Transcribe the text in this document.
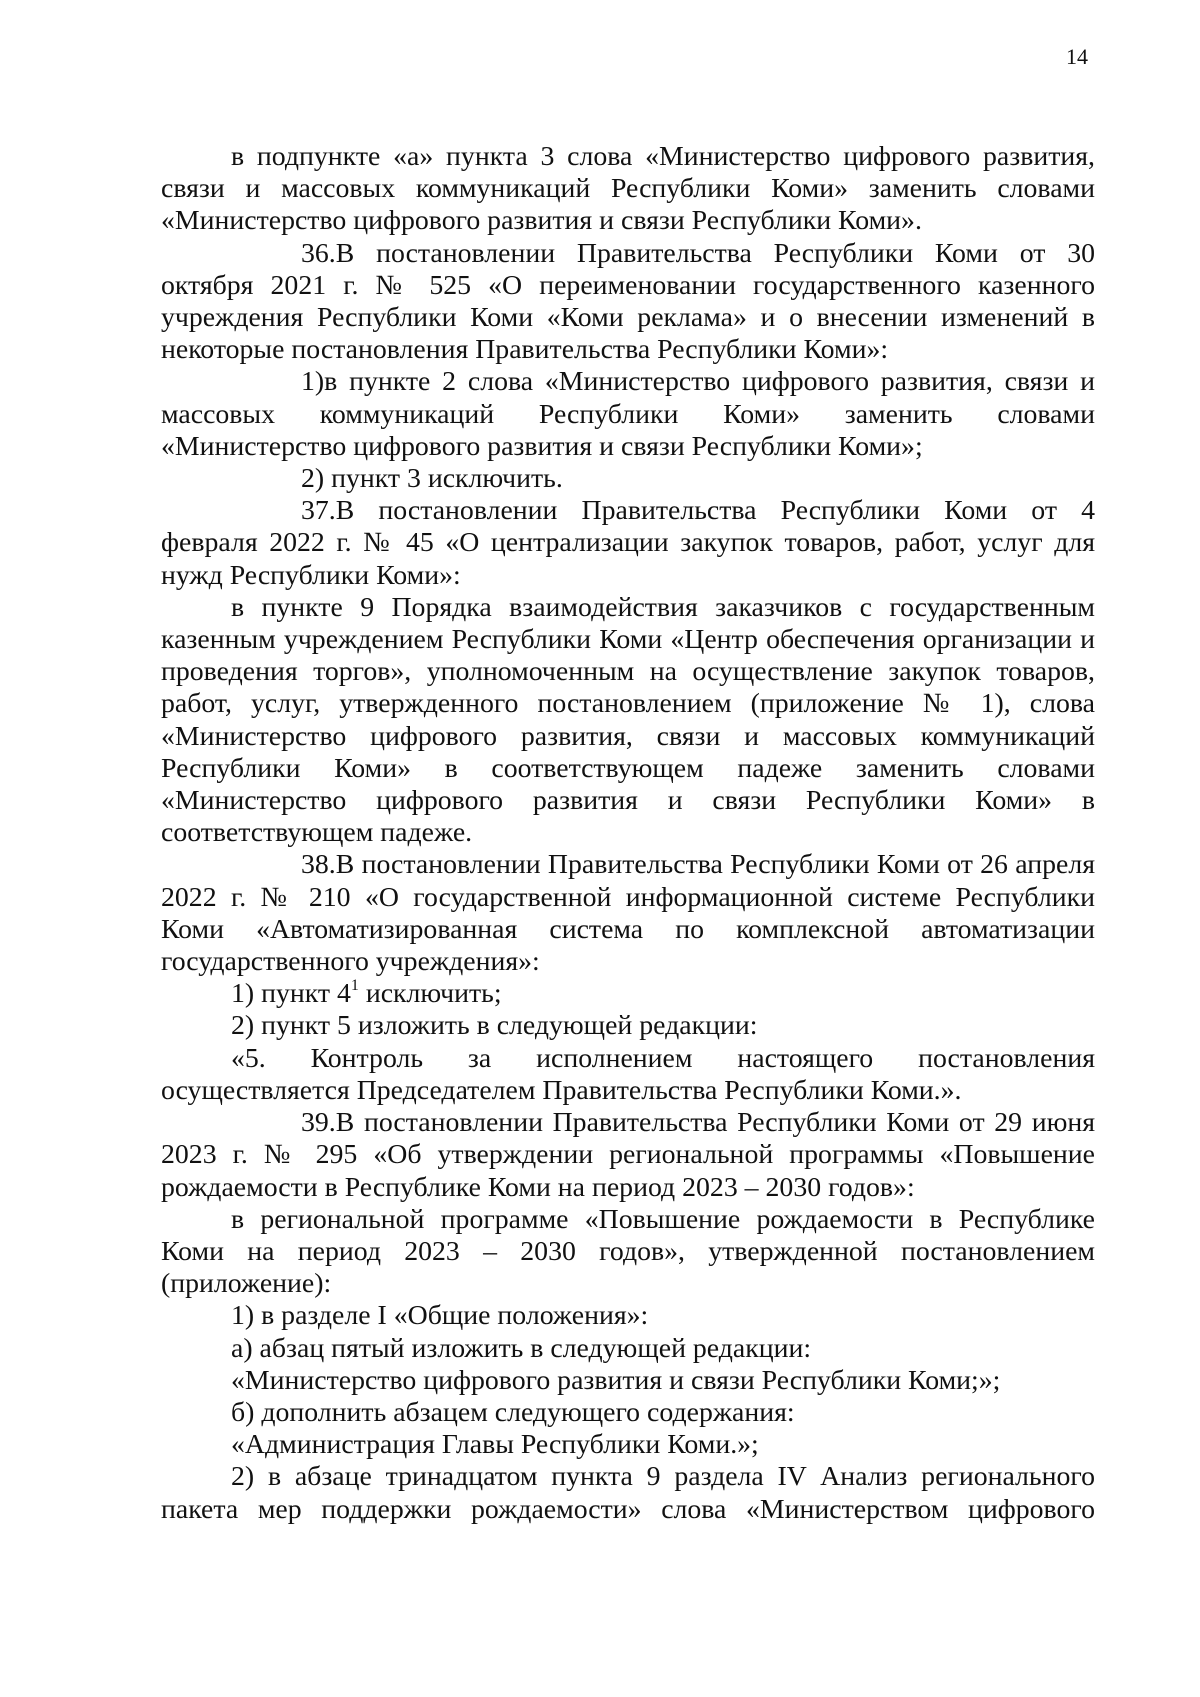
14

в подпункте «а» пункта 3 слова «Министерство цифрового развития, связи и массовых коммуникаций Республики Коми» заменить словами «Министерство цифрового развития и связи Республики Коми».

36.В постановлении Правительства Республики Коми от 30 октября 2021 г. № 525 «О переименовании государственного казенного учреждения Республики Коми «Коми реклама» и о внесении изменений в некоторые постановления Правительства Республики Коми»:

1)в пункте 2 слова «Министерство цифрового развития, связи и массовых коммуникаций Республики Коми» заменить словами «Министерство цифрового развития и связи Республики Коми»;

2) пункт 3 исключить.

37.В постановлении Правительства Республики Коми от 4 февраля 2022 г. № 45 «О централизации закупок товаров, работ, услуг для нужд Республики Коми»:

в пункте 9 Порядка взаимодействия заказчиков с государственным казенным учреждением Республики Коми «Центр обеспечения организации и проведения торгов», уполномоченным на осуществление закупок товаров, работ, услуг, утвержденного постановлением (приложение № 1), слова «Министерство цифрового развития, связи и массовых коммуникаций Республики Коми» в соответствующем падеже заменить словами «Министерство цифрового развития и связи Республики Коми» в соответствующем падеже.

38.В постановлении Правительства Республики Коми от 26 апреля 2022 г. № 210 «О государственной информационной системе Республики Коми «Автоматизированная система по комплексной автоматизации государственного учреждения»:

1) пункт $4^1$ исключить;

2) пункт 5 изложить в следующей редакции:

«5. Контроль за исполнением настоящего постановления осуществляется Председателем Правительства Республики Коми.».

39.В постановлении Правительства Республики Коми от 29 июня 2023 г. № 295 «Об утверждении региональной программы «Повышение рождаемости в Республике Коми на период 2023 – 2030 годов»:

в региональной программе «Повышение рождаемости в Республике Коми на период 2023 – 2030 годов», утвержденной постановлением (приложение):

1) в разделе I «Общие положения»:

а) абзац пятый изложить в следующей редакции:

«Министерство цифрового развития и связи Республики Коми;»;

б) дополнить абзацем следующего содержания:

«Администрация Главы Республики Коми.»;

2) в абзаце тринадцатом пункта 9 раздела IV Анализ регионального пакета мер поддержки рождаемости» слова «Министерством цифрового
